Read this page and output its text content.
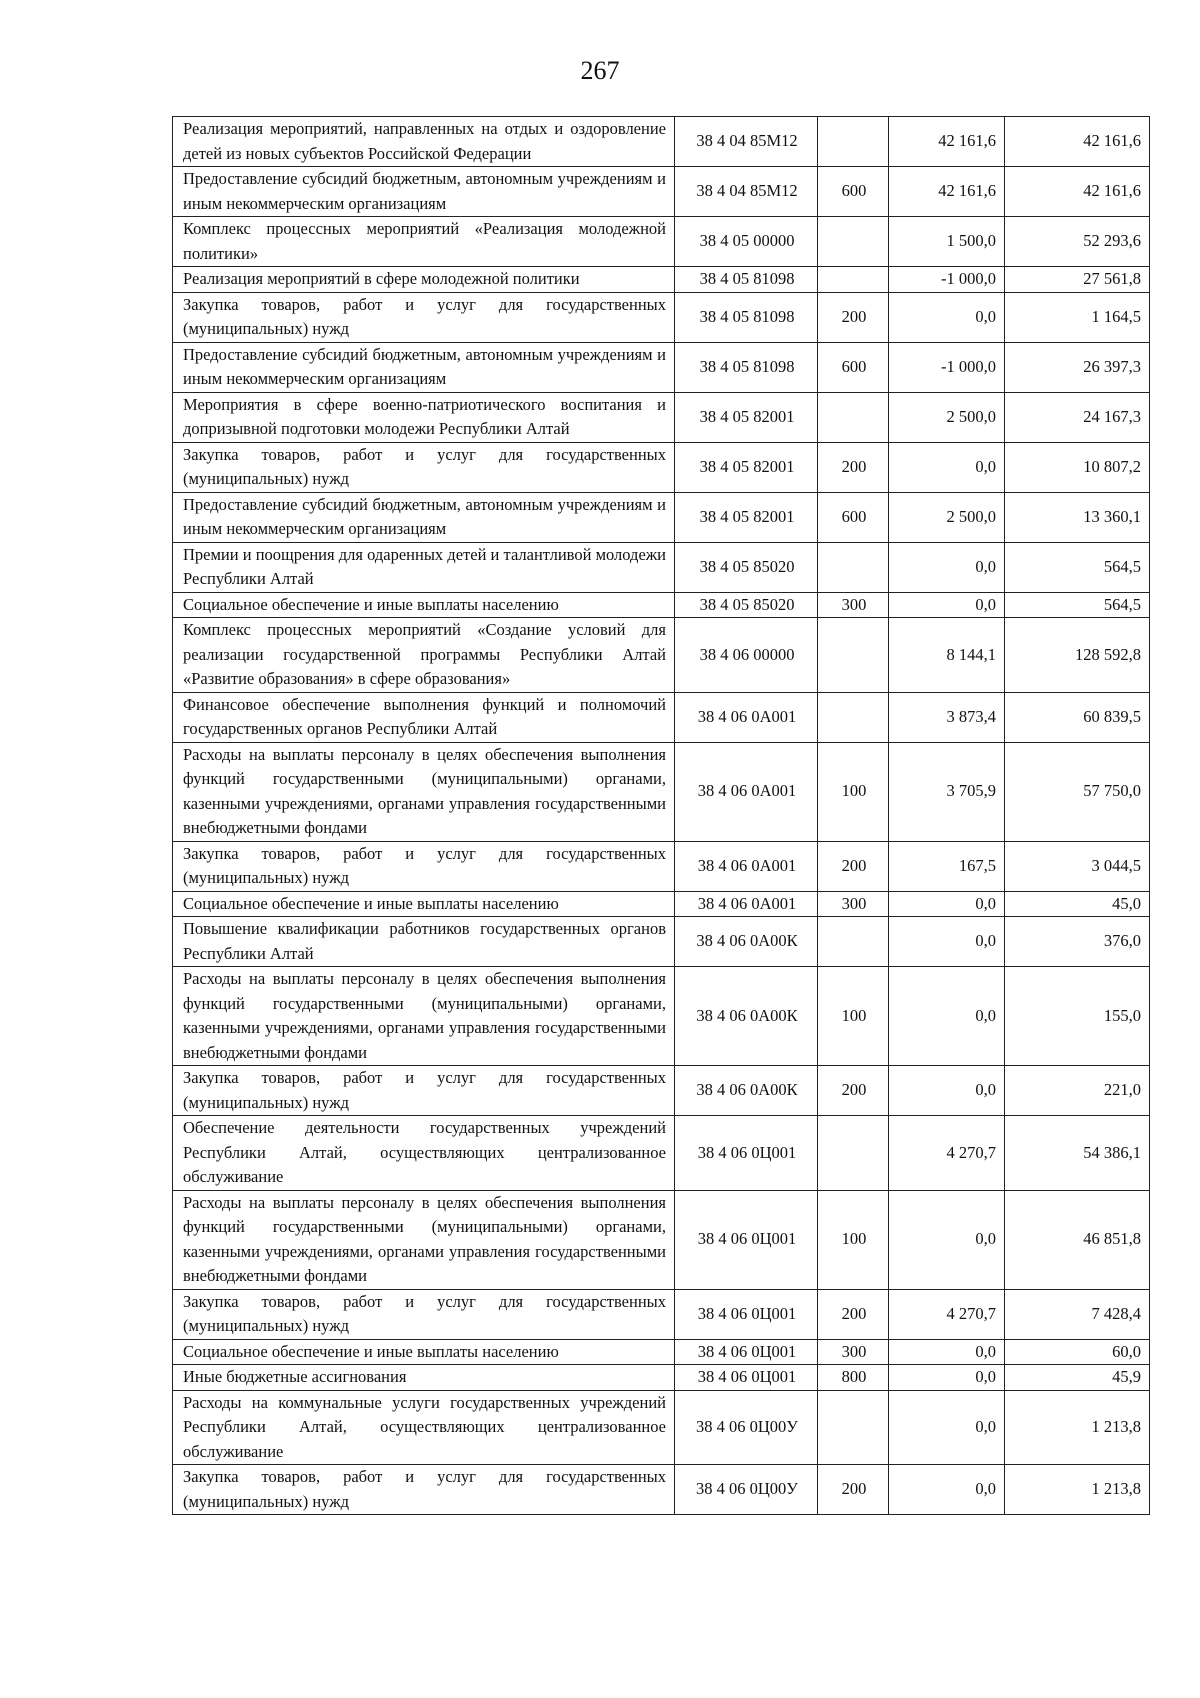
267
Реализация мероприятий, направленных на отдых и оздоровление детей из новых субъектов Российской Федерации	38 4 04 85М12		42 161,6	42 161,6
Предоставление субсидий бюджетным, автономным учреждениям и иным некоммерческим организациям	38 4 04 85М12	600	42 161,6	42 161,6
Комплекс процессных мероприятий «Реализация молодежной политики»	38 4 05 00000		1 500,0	52 293,6
Реализация мероприятий в сфере молодежной политики	38 4 05 81098		-1 000,0	27 561,8
Закупка товаров, работ и услуг для государственных (муниципальных) нужд	38 4 05 81098	200	0,0	1 164,5
Предоставление субсидий бюджетным, автономным учреждениям и иным некоммерческим организациям	38 4 05 81098	600	-1 000,0	26 397,3
Мероприятия в сфере военно-патриотического воспитания и допризывной подготовки молодежи Республики Алтай	38 4 05 82001		2 500,0	24 167,3
Закупка товаров, работ и услуг для государственных (муниципальных) нужд	38 4 05 82001	200	0,0	10 807,2
Предоставление субсидий бюджетным, автономным учреждениям и иным некоммерческим организациям	38 4 05 82001	600	2 500,0	13 360,1
Премии и поощрения для одаренных детей и талантливой молодежи Республики Алтай	38 4 05 85020		0,0	564,5
Социальное обеспечение и иные выплаты населению	38 4 05 85020	300	0,0	564,5
Комплекс процессных мероприятий «Создание условий для реализации государственной программы Республики Алтай «Развитие образования» в сфере образования»	38 4 06 00000		8 144,1	128 592,8
Финансовое обеспечение выполнения функций и полномочий государственных органов Республики Алтай	38 4 06 0А001		3 873,4	60 839,5
Расходы на выплаты персоналу в целях обеспечения выполнения функций государственными (муниципальными) органами, казенными учреждениями, органами управления государственными внебюджетными фондами	38 4 06 0А001	100	3 705,9	57 750,0
Закупка товаров, работ и услуг для государственных (муниципальных) нужд	38 4 06 0А001	200	167,5	3 044,5
Социальное обеспечение и иные выплаты населению	38 4 06 0А001	300	0,0	45,0
Повышение квалификации работников государственных органов Республики Алтай	38 4 06 0А00К		0,0	376,0
Расходы на выплаты персоналу в целях обеспечения выполнения функций государственными (муниципальными) органами, казенными учреждениями, органами управления государственными внебюджетными фондами	38 4 06 0А00К	100	0,0	155,0
Закупка товаров, работ и услуг для государственных (муниципальных) нужд	38 4 06 0А00К	200	0,0	221,0
Обеспечение деятельности государственных учреждений Республики Алтай, осуществляющих централизованное обслуживание	38 4 06 0Ц001		4 270,7	54 386,1
Расходы на выплаты персоналу в целях обеспечения выполнения функций государственными (муниципальными) органами, казенными учреждениями, органами управления государственными внебюджетными фондами	38 4 06 0Ц001	100	0,0	46 851,8
Закупка товаров, работ и услуг для государственных (муниципальных) нужд	38 4 06 0Ц001	200	4 270,7	7 428,4
Социальное обеспечение и иные выплаты населению	38 4 06 0Ц001	300	0,0	60,0
Иные бюджетные ассигнования	38 4 06 0Ц001	800	0,0	45,9
Расходы на коммунальные услуги государственных учреждений Республики Алтай, осуществляющих централизованное обслуживание	38 4 06 0Ц00У		0,0	1 213,8
Закупка товаров, работ и услуг для государственных (муниципальных) нужд	38 4 06 0Ц00У	200	0,0	1 213,8
